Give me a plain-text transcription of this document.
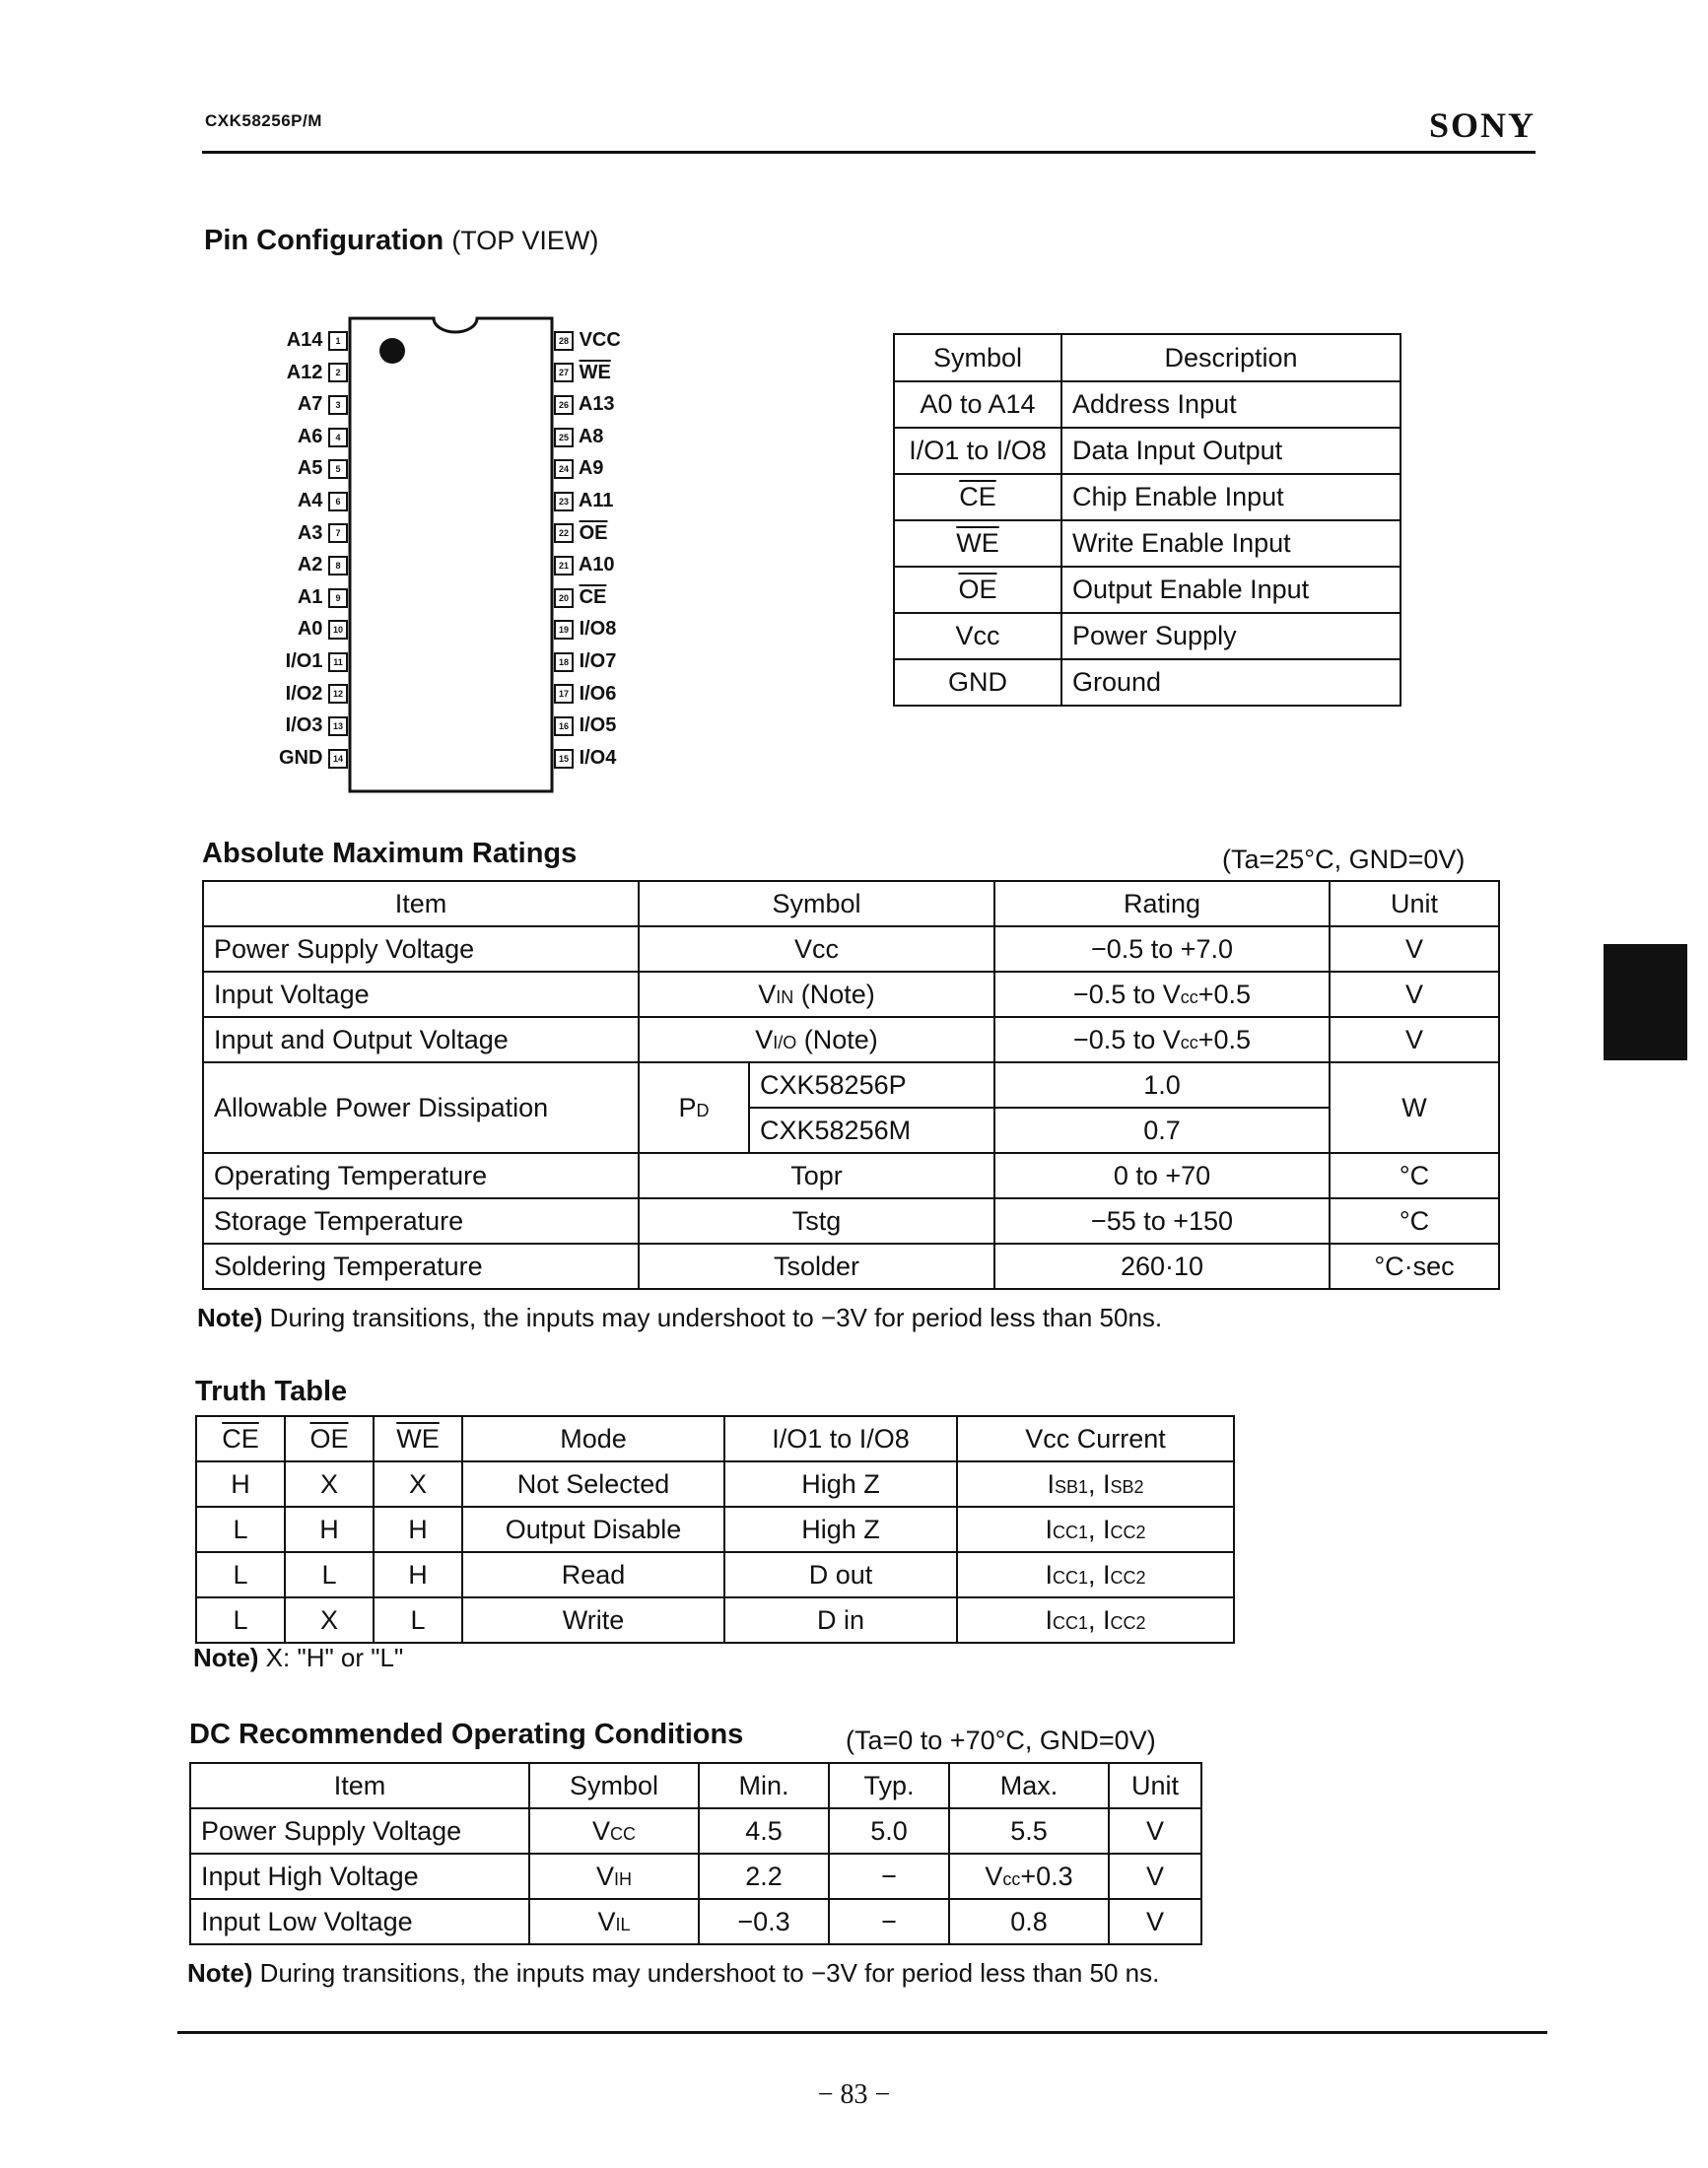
CXK58256P/M	SONY
Pin Configuration (TOP VIEW)
A14 1
A12 2
A7 3
A6 4
A5 5
A4 6
A3 7
A2 8
A1 9
A0 10
I/O1 11
I/O2 12
I/O3 13
GND 14
28 VCC
27 $\overline{WE}$
26 A13
25 A8
24 A9
23 A11
22 $\overline{OE}$
21 A10
20 $\overline{CE}$
19 I/O8
18 I/O7
17 I/O6
16 I/O5
15 I/O4
Symbol	Description
A0 to A14	Address Input
I/O1 to I/O8	Data Input Output
$\overline{CE}$	Chip Enable Input
$\overline{WE}$	Write Enable Input
$\overline{OE}$	Output Enable Input
Vcc	Power Supply
GND	Ground
Absolute Maximum Ratings	(Ta=25°C, GND=0V)
Item	Symbol		Rating	Unit
Power Supply Voltage	Vcc		−0.5 to +7.0	V
Input Voltage	VIN (Note)		−0.5 to Vcc+0.5	V
Input and Output Voltage	VI/O (Note)		−0.5 to Vcc+0.5	V
Allowable Power Dissipation	PD	CXK58256P	1.0	W
		CXK58256M	0.7	
Operating Temperature	Topr		0 to +70	°C
Storage Temperature	Tstg		−55 to +150	°C
Soldering Temperature	Tsolder		260·10	°C·sec
Note) During transitions, the inputs may undershoot to −3V for period less than 50ns.
Truth Table
$\overline{CE}$	$\overline{OE}$	$\overline{WE}$	Mode	I/O1 to I/O8	Vcc Current
H	X	X	Not Selected	High Z	ISB1, ISB2
L	H	H	Output Disable	High Z	ICC1, ICC2
L	L	H	Read	D out	ICC1, ICC2
L	X	L	Write	D in	ICC1, ICC2
Note) X: "H" or "L"
DC Recommended Operating Conditions	(Ta=0 to +70°C, GND=0V)
Item	Symbol	Min.	Typ.	Max.	Unit
Power Supply Voltage	VCC	4.5	5.0	5.5	V
Input High Voltage	VIH	2.2	−	Vcc+0.3	V
Input Low Voltage	VIL	−0.3	−	0.8	V
Note) During transitions, the inputs may undershoot to −3V for period less than 50 ns.
− 83 −
